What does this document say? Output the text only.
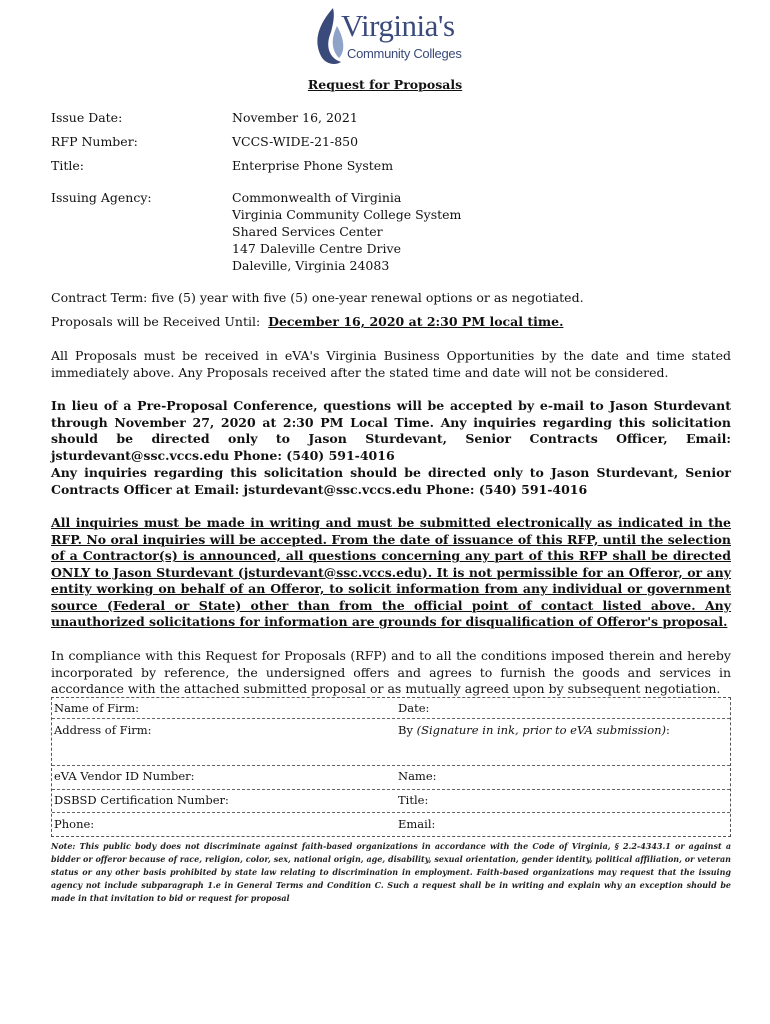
Virginia's
Community Colleges
Request for Proposals
Issue Date:	November 16, 2021
RFP Number:	VCCS-WIDE-21-850
Title:	Enterprise Phone System
Issuing Agency:	Commonwealth of Virginia
Virginia Community College System
Shared Services Center
147 Daleville Centre Drive
Daleville, Virginia 24083
Contract Term: five (5) year with five (5) one-year renewal options or as negotiated.
Proposals will be Received Until: December 16, 2020 at 2:30 PM local time.
All Proposals must be received in eVA's Virginia Business Opportunities by the date and time stated immediately above. Any Proposals received after the stated time and date will not be considered.
In lieu of a Pre-Proposal Conference, questions will be accepted by e-mail to Jason Sturdevant through November 27, 2020 at 2:30 PM Local Time. Any inquiries regarding this solicitation should be directed only to Jason Sturdevant, Senior Contracts Officer, Email: jsturdevant@ssc.vccs.edu Phone: (540) 591-4016
Any inquiries regarding this solicitation should be directed only to Jason Sturdevant, Senior Contracts Officer at Email: jsturdevant@ssc.vccs.edu Phone: (540) 591-4016
All inquiries must be made in writing and must be submitted electronically as indicated in the RFP. No oral inquiries will be accepted. From the date of issuance of this RFP, until the selection of a Contractor(s) is announced, all questions concerning any part of this RFP shall be directed ONLY to Jason Sturdevant (jsturdevant@ssc.vccs.edu). It is not permissible for an Offeror, or any entity working on behalf of an Offeror, to solicit information from any individual or government source (Federal or State) other than from the official point of contact listed above. Any unauthorized solicitations for information are grounds for disqualification of Offeror's proposal.
In compliance with this Request for Proposals (RFP) and to all the conditions imposed therein and hereby incorporated by reference, the undersigned offers and agrees to furnish the goods and services in accordance with the attached submitted proposal or as mutually agreed upon by subsequent negotiation.
Name of Firm:	Date:
Address of Firm:	By (Signature in ink, prior to eVA submission):
eVA Vendor ID Number:	Name:
DSBSD Certification Number:	Title:
Phone:	Email:
Note: This public body does not discriminate against faith-based organizations in accordance with the Code of Virginia, § 2.2-4343.1 or against a bidder or offeror because of race, religion, color, sex, national origin, age, disability, sexual orientation, gender identity, political affiliation, or veteran status or any other basis prohibited by state law relating to discrimination in employment. Faith-based organizations may request that the issuing agency not include subparagraph 1.e in General Terms and Condition C. Such a request shall be in writing and explain why an exception should be made in that invitation to bid or request for proposal
